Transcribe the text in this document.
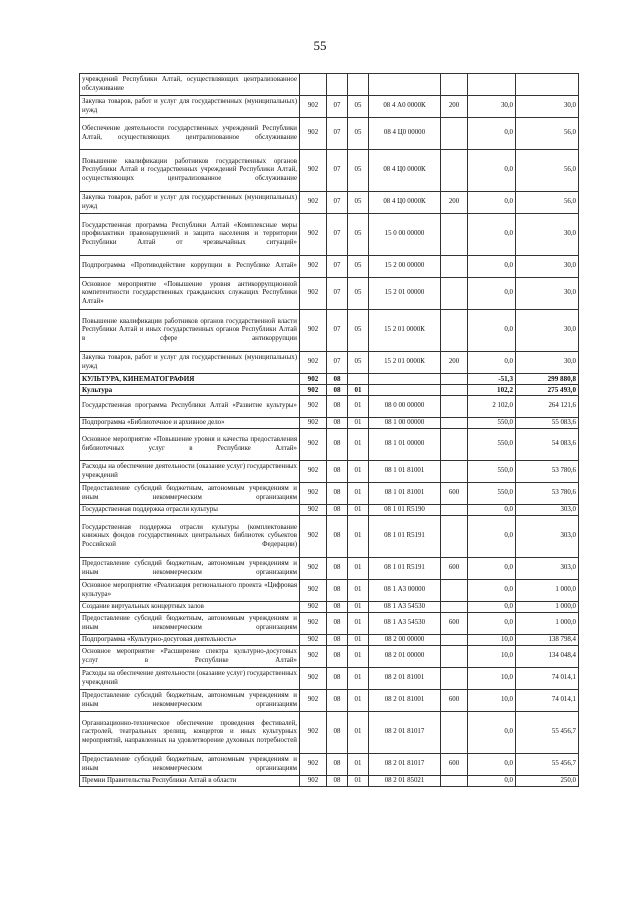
55
учреждений Республики Алтай, осуществляющих централизованное обслуживание							
Закупка товаров, работ и услуг для государственных (муниципальных) нужд	902	07	05	08 4 А0 0000К	200	30,0	30,0
Обеспечение деятельности государственных учреждений Республики Алтай, осуществляющих централизованное обслуживание	902	07	05	08 4 Ц0 00000		0,0	56,0
Повышение квалификации работников государственных органов Республики Алтай и государственных учреждений Республики Алтай, осуществляющих централизованное обслуживание	902	07	05	08 4 Ц0 0000К		0,0	56,0
Закупка товаров, работ и услуг для государственных (муниципальных) нужд	902	07	05	08 4 Ц0 0000К	200	0,0	56,0
Государственная программа Республики Алтай «Комплексные меры профилактики правонарушений и защита населения и территории Республики Алтай от чрезвычайных ситуаций»	902	07	05	15 0 00 00000		0,0	30,0
Подпрограмма «Противодействие коррупции в Республике Алтай»	902	07	05	15 2 00 00000		0,0	30,0
Основное мероприятие «Повышение уровня антикоррупционной компетентности государственных гражданских служащих Республики Алтай»	902	07	05	15 2 01 00000		0,0	30,0
Повышение квалификации работников органов государственной власти Республики Алтай и иных государственных органов Республики Алтай в сфере антикоррупции	902	07	05	15 2 01 0000К		0,0	30,0
Закупка товаров, работ и услуг для государственных (муниципальных) нужд	902	07	05	15 2 01 0000К	200	0,0	30,0
КУЛЬТУРА, КИНЕМАТОГРАФИЯ	902	08				-51,3	299 880,8
Культура	902	08	01			102,2	275 493,0
Государственная программа Республики Алтай «Развитие культуры»	902	08	01	08 0 00 00000		2 102,0	264 121,6
Подпрограмма «Библиотечное и архивное дело»	902	08	01	08 1 00 00000		550,0	55 083,6
Основное мероприятие «Повышение уровня и качества предоставления библиотечных услуг в Республике Алтай»	902	08	01	08 1 01 00000		550,0	54 083,6
Расходы на обеспечение деятельности (оказание услуг) государственных учреждений	902	08	01	08 1 01 81001		550,0	53 780,6
Предоставление субсидий бюджетным, автономным учреждениям и иным некоммерческим организациям	902	08	01	08 1 01 81001	600	550,0	53 780,6
Государственная поддержка отрасли культуры	902	08	01	08 1 01 R5190		0,0	303,0
Государственная поддержка отрасли культуры (комплектование книжных фондов государственных центральных библиотек субъектов Российской Федерации)	902	08	01	08 1 01 R5191		0,0	303,0
Предоставление субсидий бюджетным, автономным учреждениям и иным некоммерческим организациям	902	08	01	08 1 01 R5191	600	0,0	303,0
Основное мероприятие «Реализация регионального проекта «Цифровая культура»	902	08	01	08 1 А3 00000		0,0	1 000,0
Создание виртуальных концертных залов	902	08	01	08 1 А3 54530		0,0	1 000,0
Предоставление субсидий бюджетным, автономным учреждениям и иным некоммерческим организациям	902	08	01	08 1 А3 54530	600	0,0	1 000,0
Подпрограмма «Культурно-досуговая деятельность»	902	08	01	08 2 00 00000		10,0	138 798,4
Основное мероприятие «Расширение спектра культурно-досуговых услуг в Республике Алтай»	902	08	01	08 2 01 00000		10,0	134 048,4
Расходы на обеспечение деятельности (оказание услуг) государственных учреждений	902	08	01	08 2 01 81001		10,0	74 014,1
Предоставление субсидий бюджетным, автономным учреждениям и иным некоммерческим организациям	902	08	01	08 2 01 81001	600	10,0	74 014,1
Организационно-техническое обеспечение проведения фестивалей, гастролей, театральных зрелищ, концертов и иных культурных мероприятий, направленных на удовлетворение духовных потребностей	902	08	01	08 2 01 81017		0,0	55 456,7
Предоставление субсидий бюджетным, автономным учреждениям и иным некоммерческим организациям	902	08	01	08 2 01 81017	600	0,0	55 456,7
Премии Правительства Республики Алтай в области	902	08	01	08 2 01 85021		0,0	250,0
